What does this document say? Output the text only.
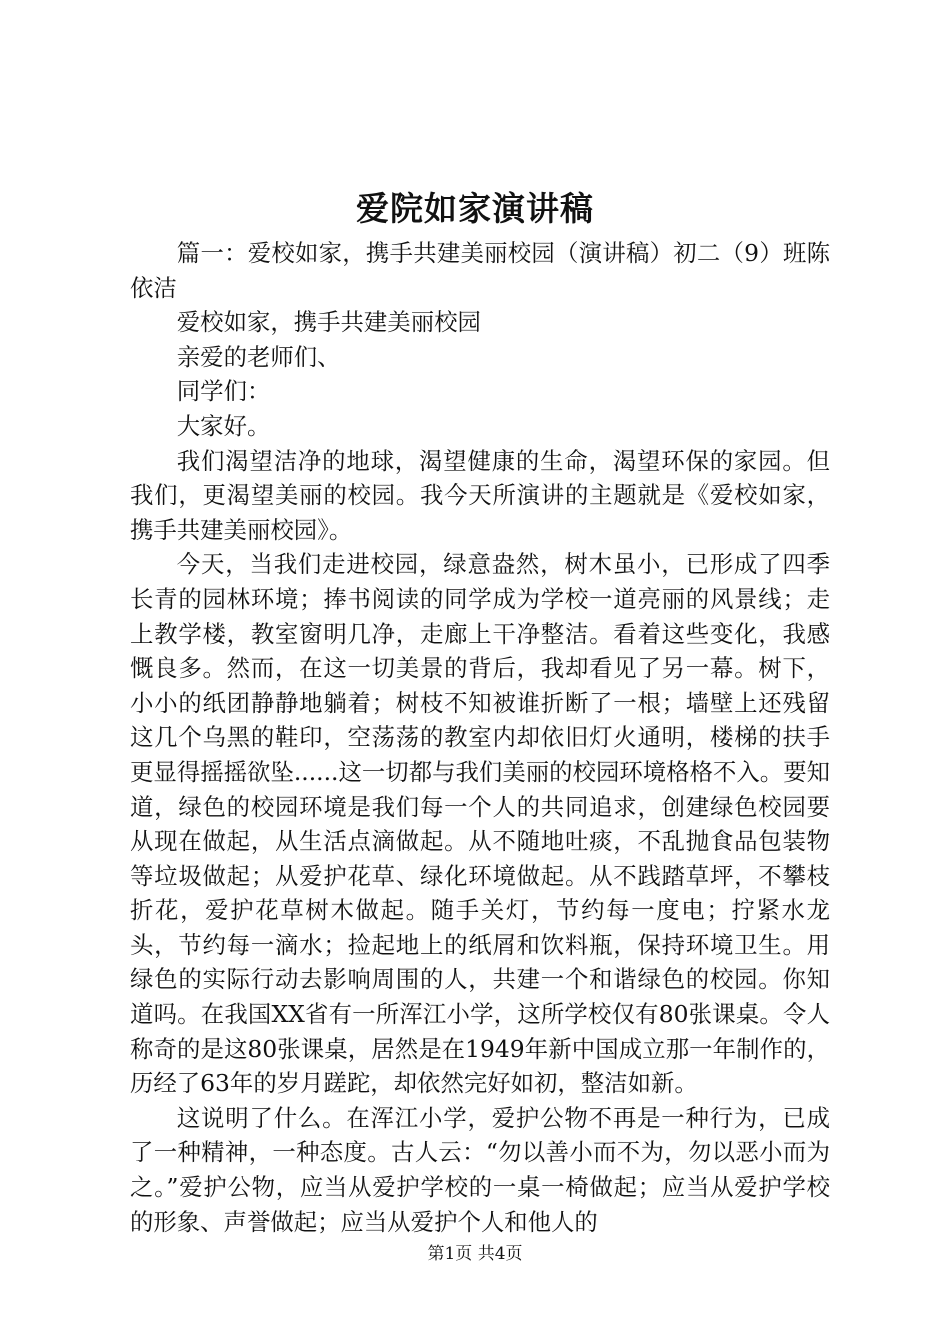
爱院如家演讲稿

篇一：爱校如家，携手共建美丽校园（演讲稿）初二（9）班陈依洁

爱校如家，携手共建美丽校园

亲爱的老师们、

同学们：

大家好。

我们渴望洁净的地球，渴望健康的生命，渴望环保的家园。但我们，更渴望美丽的校园。我今天所演讲的主题就是《爱校如家，携手共建美丽校园》。

今天，当我们走进校园，绿意盎然，树木虽小，已形成了四季长青的园林环境；捧书阅读的同学成为学校一道亮丽的风景线；走上教学楼，教室窗明几净，走廊上干净整洁。看着这些变化，我感慨良多。然而，在这一切美景的背后，我却看见了另一幕。树下，小小的纸团静静地躺着；树枝不知被谁折断了一根；墙壁上还残留这几个乌黑的鞋印，空荡荡的教室内却依旧灯火通明，楼梯的扶手更显得摇摇欲坠......这一切都与我们美丽的校园环境格格不入。要知道，绿色的校园环境是我们每一个人的共同追求，创建绿色校园要从现在做起，从生活点滴做起。从不随地吐痰，不乱抛食品包装物等垃圾做起；从爱护花草、绿化环境做起。从不践踏草坪，不攀枝折花，爱护花草树木做起。随手关灯，节约每一度电；拧紧水龙头，节约每一滴水；捡起地上的纸屑和饮料瓶，保持环境卫生。用绿色的实际行动去影响周围的人，共建一个和谐绿色的校园。你知道吗。在我国XX省有一所浑江小学，这所学校仅有80张课桌。令人称奇的是这80张课桌，居然是在1949年新中国成立那一年制作的，历经了63年的岁月蹉跎，却依然完好如初，整洁如新。

这说明了什么。在浑江小学，爱护公物不再是一种行为，已成了一种精神，一种态度。古人云：“勿以善小而不为，勿以恶小而为之。”爱护公物，应当从爱护学校的一桌一椅做起；应当从爱护学校的形象、声誉做起；应当从爱护个人和他人的

第1页 共4页
